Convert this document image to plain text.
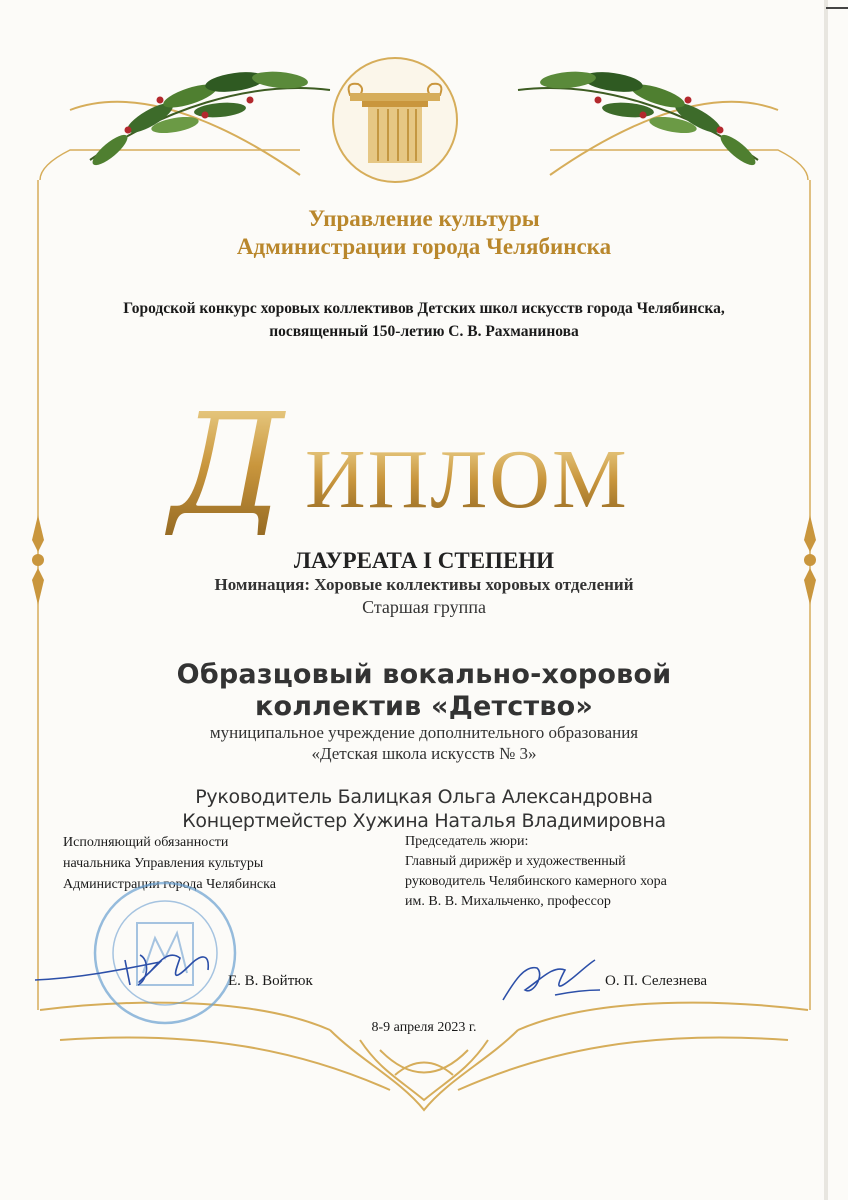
Управление культуры
Администрации города Челябинска
Городской конкурс хоровых коллективов Детских школ искусств города Челябинска,
посвященный 150-летию С. В. Рахманинова
Д ИПЛОМ
ЛАУРЕАТА I СТЕПЕНИ
Номинация: Хоровые коллективы хоровых отделений
Старшая группа
Образцовый вокально-хоровой
коллектив «Детство»
муниципальное учреждение дополнительного образования
«Детская школа искусств № 3»
Руководитель Балицкая Ольга Александровна
Концертмейстер Хужина Наталья Владимировна
Исполняющий обязанности
начальника Управления культуры
Администрации города Челябинска
Председатель жюри:
Главный дирижёр и художественный
руководитель Челябинского камерного хора
им. В. В. Михальченко, профессор
Е. В. Войтюк	О. П. Селезнева
8-9 апреля 2023 г.
